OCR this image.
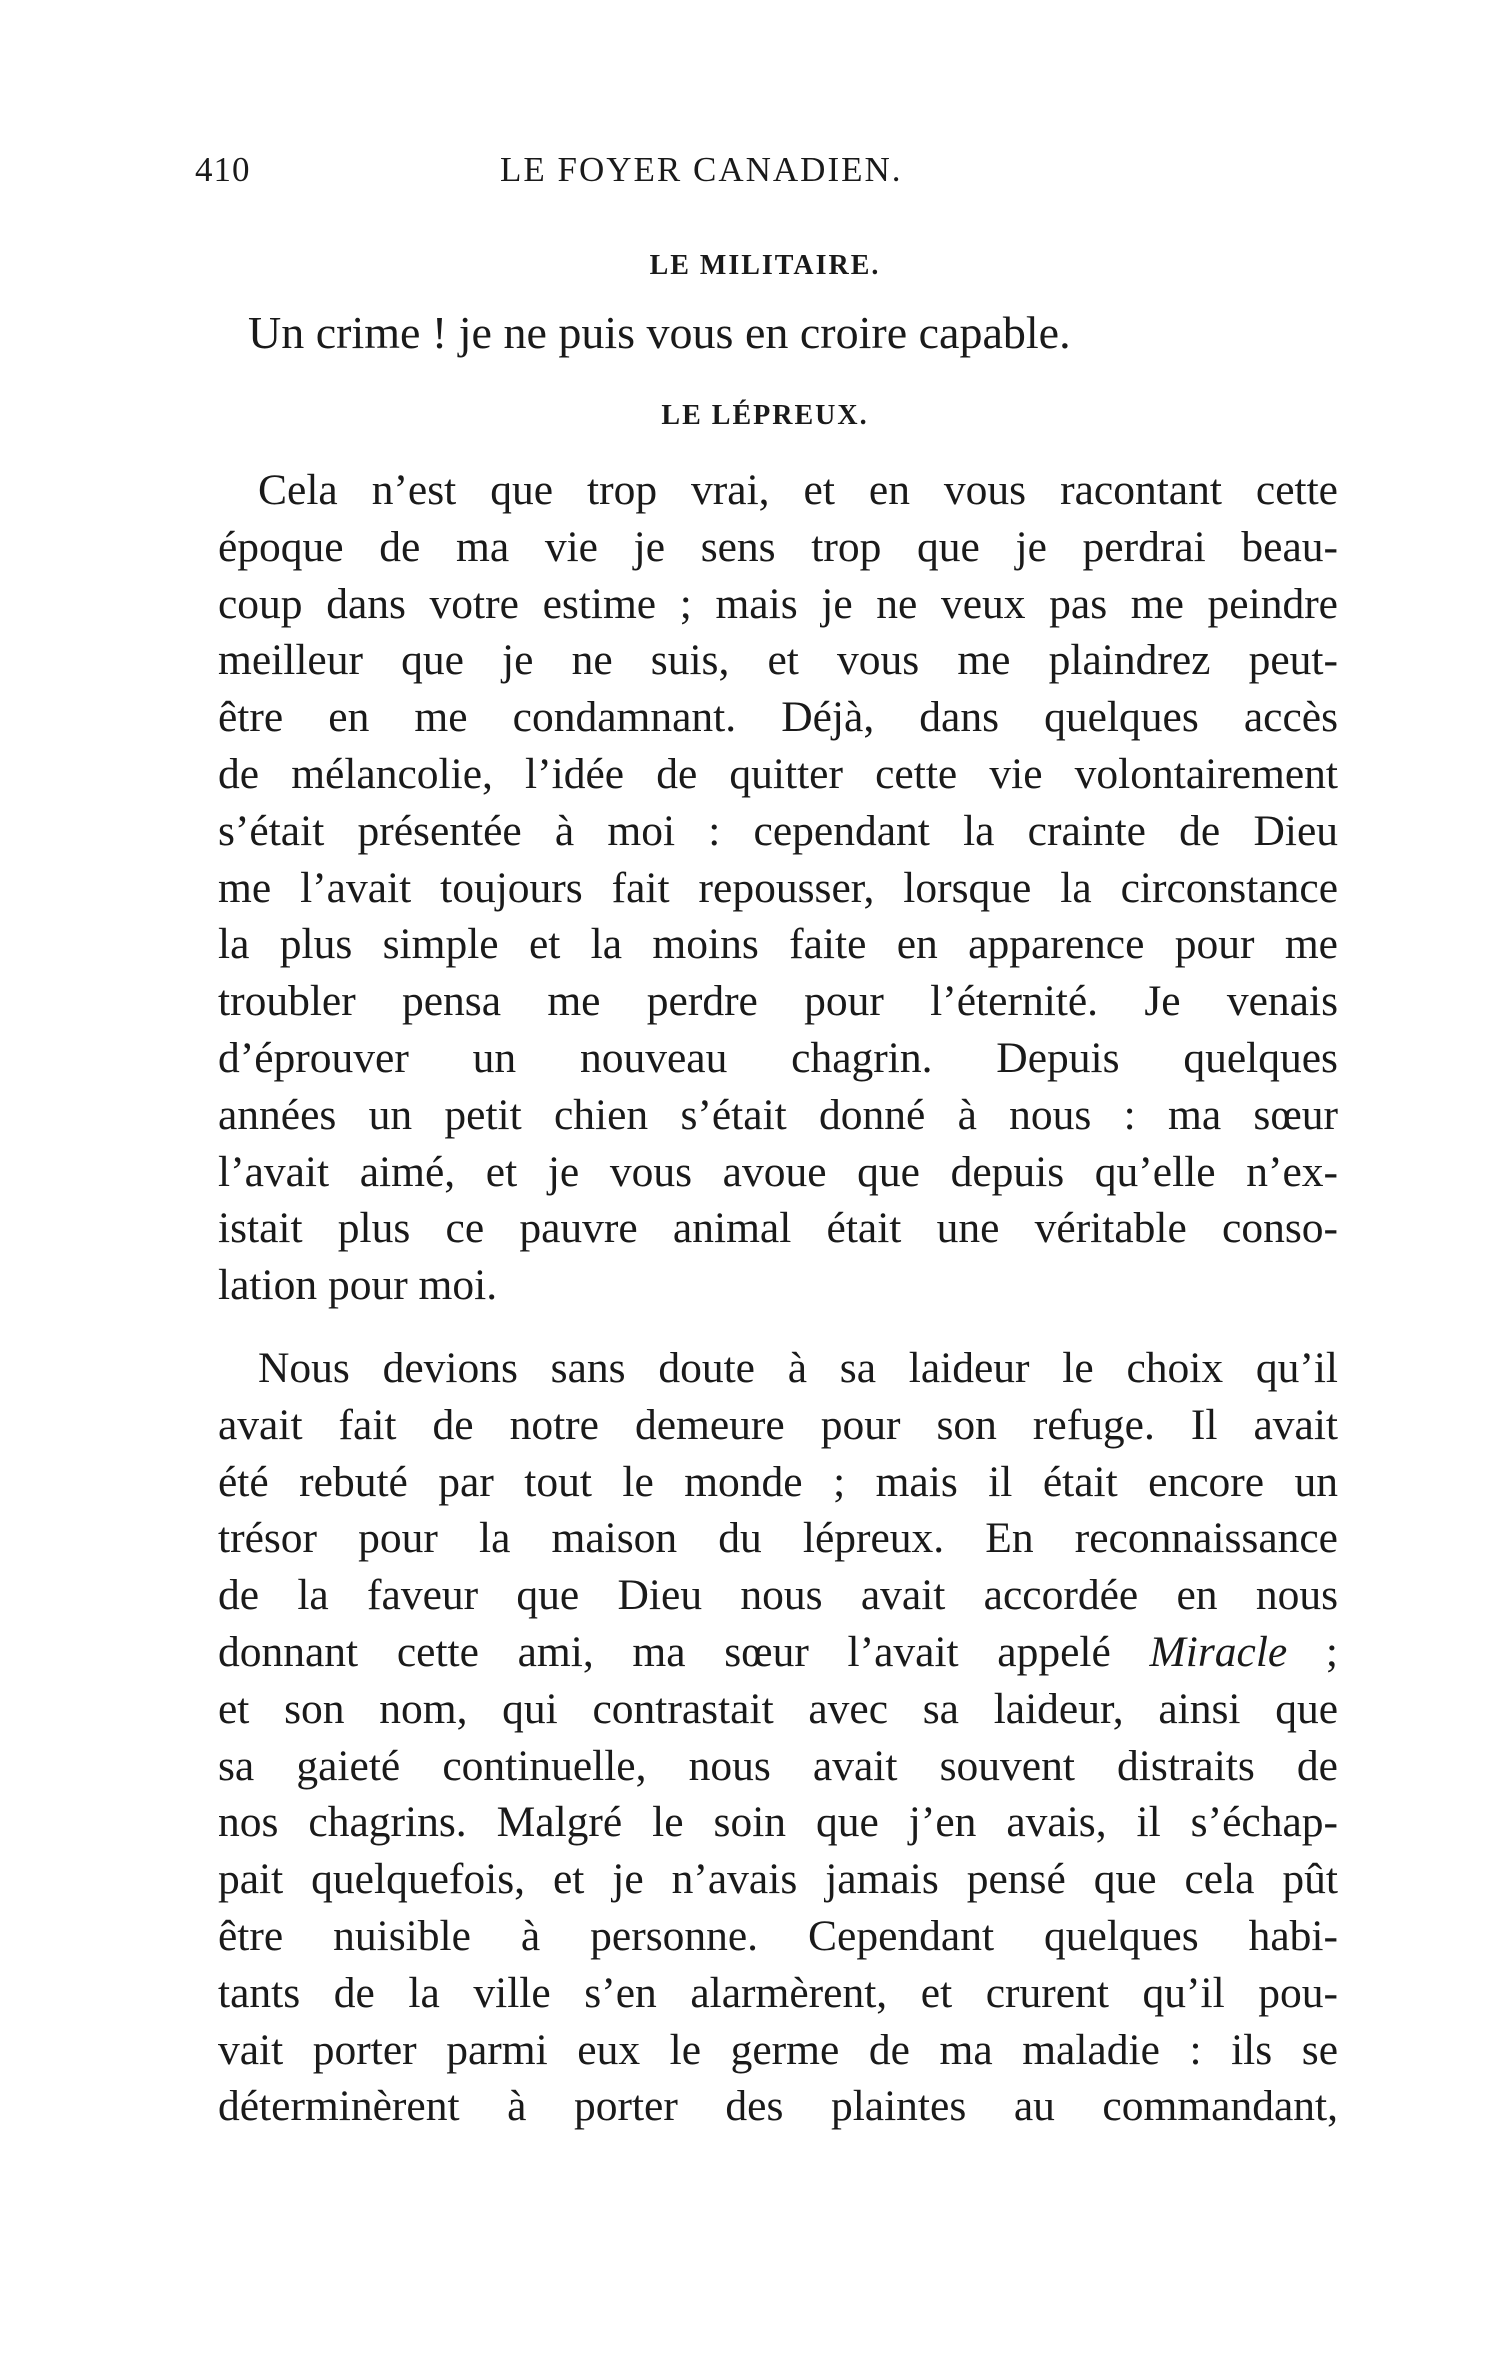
410	LE FOYER CANADIEN.
LE MILITAIRE.
Un crime ! je ne puis vous en croire capable.
LE LÉPREUX.
Cela n’est que trop vrai, et en vous racontant cette
époque de ma vie je sens trop que je perdrai beau-
coup dans votre estime ; mais je ne veux pas me peindre
meilleur que je ne suis, et vous me plaindrez peut-
être en me condamnant. Déjà, dans quelques accès
de mélancolie, l’idée de quitter cette vie volontairement
s’était présentée à moi : cependant la crainte de Dieu
me l’avait toujours fait repousser, lorsque la circonstance
la plus simple et la moins faite en apparence pour me
troubler pensa me perdre pour l’éternité. Je venais
d’éprouver un nouveau chagrin. Depuis quelques
années un petit chien s’était donné à nous : ma sœur
l’avait aimé, et je vous avoue que depuis qu’elle n’ex-
istait plus ce pauvre animal était une véritable conso-
lation pour moi.
Nous devions sans doute à sa laideur le choix qu’il
avait fait de notre demeure pour son refuge. Il avait
été rebuté par tout le monde ; mais il était encore un
trésor pour la maison du lépreux. En reconnaissance
de la faveur que Dieu nous avait accordée en nous
donnant cette ami, ma sœur l’avait appelé Miracle ;
et son nom, qui contrastait avec sa laideur, ainsi que
sa gaieté continuelle, nous avait souvent distraits de
nos chagrins. Malgré le soin que j’en avais, il s’échap-
pait quelquefois, et je n’avais jamais pensé que cela pût
être nuisible à personne. Cependant quelques habi-
tants de la ville s’en alarmèrent, et crurent qu’il pou-
vait porter parmi eux le germe de ma maladie : ils se
déterminèrent à porter des plaintes au commandant,
